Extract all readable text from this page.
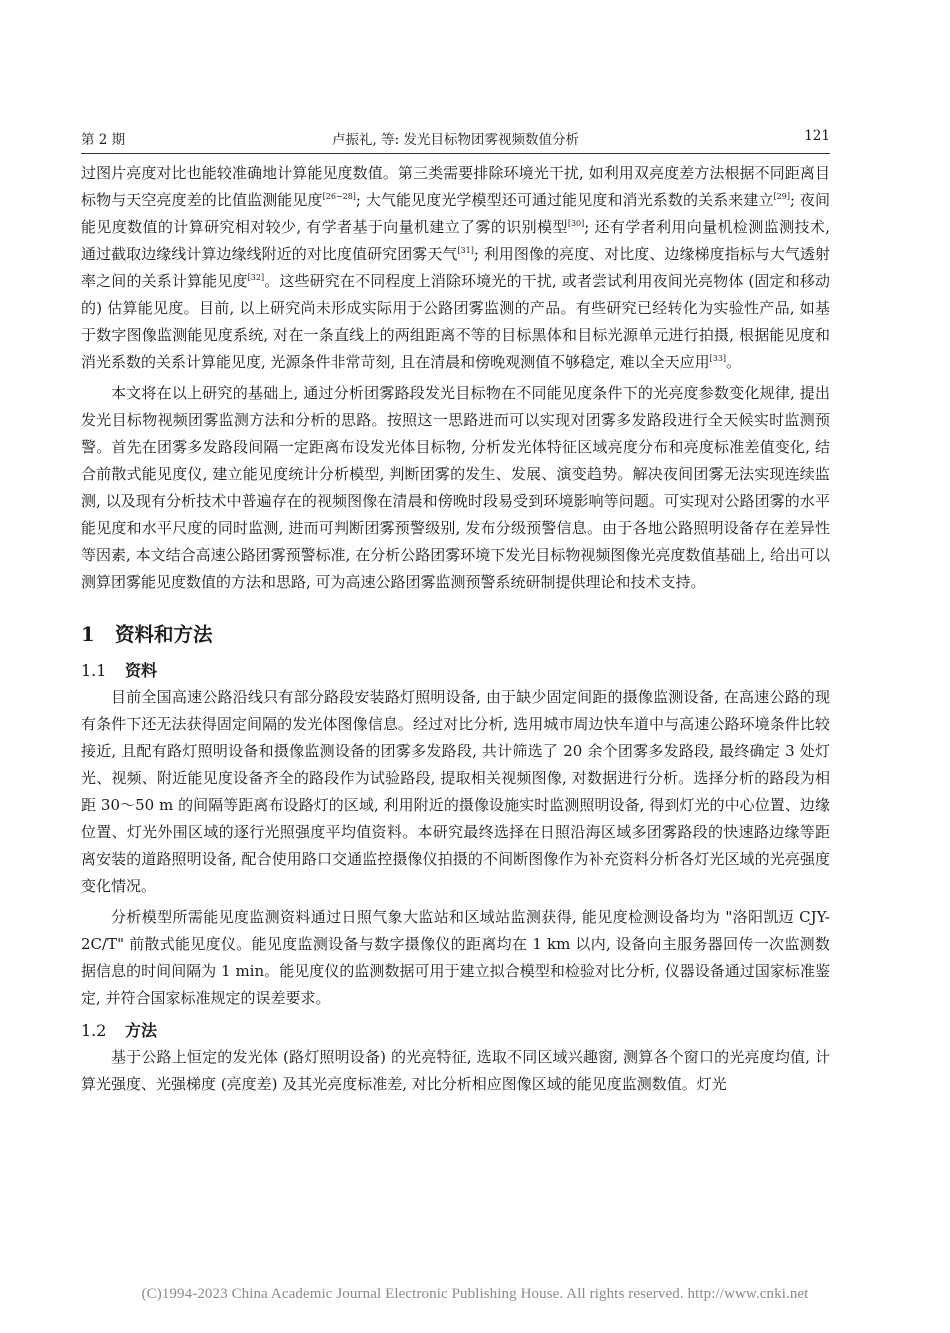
第 2 期	卢振礼, 等: 发光目标物团雾视频数值分析	121

过图片亮度对比也能较准确地计算能见度数值。第三类需要排除环境光干扰, 如利用双亮度差方法根据不同距离目标物与天空亮度差的比值监测能见度[26−28]; 大气能见度光学模型还可通过能见度和消光系数的关系来建立[29]; 夜间能见度数值的计算研究相对较少, 有学者基于向量机建立了雾的识别模型[30]; 还有学者利用向量机检测监测技术, 通过截取边缘线计算边缘线附近的对比度值研究团雾天气[31]; 利用图像的亮度、对比度、边缘梯度指标与大气透射率之间的关系计算能见度[32]。这些研究在不同程度上消除环境光的干扰, 或者尝试利用夜间光亮物体 (固定和移动的) 估算能见度。目前, 以上研究尚未形成实际用于公路团雾监测的产品。有些研究已经转化为实验性产品, 如基于数字图像监测能见度系统, 对在一条直线上的两组距离不等的目标黑体和目标光源单元进行拍摄, 根据能见度和消光系数的关系计算能见度, 光源条件非常苛刻, 且在清晨和傍晚观测值不够稳定, 难以全天应用[33]。

本文将在以上研究的基础上, 通过分析团雾路段发光目标物在不同能见度条件下的光亮度参数变化规律, 提出发光目标物视频团雾监测方法和分析的思路。按照这一思路进而可以实现对团雾多发路段进行全天候实时监测预警。首先在团雾多发路段间隔一定距离布设发光体目标物, 分析发光体特征区域亮度分布和亮度标准差值变化, 结合前散式能见度仪, 建立能见度统计分析模型, 判断团雾的发生、发展、演变趋势。解决夜间团雾无法实现连续监测, 以及现有分析技术中普遍存在的视频图像在清晨和傍晚时段易受到环境影响等问题。可实现对公路团雾的水平能见度和水平尺度的同时监测, 进而可判断团雾预警级别, 发布分级预警信息。由于各地公路照明设备存在差异性等因素, 本文结合高速公路团雾预警标准, 在分析公路团雾环境下发光目标物视频图像光亮度数值基础上, 给出可以测算团雾能见度数值的方法和思路, 可为高速公路团雾监测预警系统研制提供理论和技术支持。

1 资料和方法
1.1 资料

目前全国高速公路沿线只有部分路段安装路灯照明设备, 由于缺少固定间距的摄像监测设备, 在高速公路的现有条件下还无法获得固定间隔的发光体图像信息。经过对比分析, 选用城市周边快车道中与高速公路环境条件比较接近, 且配有路灯照明设备和摄像监测设备的团雾多发路段, 共计筛选了 20 余个团雾多发路段, 最终确定 3 处灯光、视频、附近能见度设备齐全的路段作为试验路段, 提取相关视频图像, 对数据进行分析。选择分析的路段为相距 30～50 m 的间隔等距离布设路灯的区域, 利用附近的摄像设施实时监测照明设备, 得到灯光的中心位置、边缘位置、灯光外围区域的逐行光照强度平均值资料。本研究最终选择在日照沿海区域多团雾路段的快速路边缘等距离安装的道路照明设备, 配合使用路口交通监控摄像仪拍摄的不间断图像作为补充资料分析各灯光区域的光亮强度变化情况。

分析模型所需能见度监测资料通过日照气象大监站和区域站监测获得, 能见度检测设备均为 "洛阳凯迈 CJY-2C/T" 前散式能见度仪。能见度监测设备与数字摄像仪的距离均在 1 km 以内, 设备向主服务器回传一次监测数据信息的时间间隔为 1 min。能见度仪的监测数据可用于建立拟合模型和检验对比分析, 仪器设备通过国家标准鉴定, 并符合国家标准规定的误差要求。

1.2 方法

基于公路上恒定的发光体 (路灯照明设备) 的光亮特征, 选取不同区域兴趣窗, 测算各个窗口的光亮度均值, 计算光强度、光强梯度 (亮度差) 及其光亮度标准差, 对比分析相应图像区域的能见度监测数值。灯光

(C)1994-2023 China Academic Journal Electronic Publishing House. All rights reserved. http://www.cnki.net
